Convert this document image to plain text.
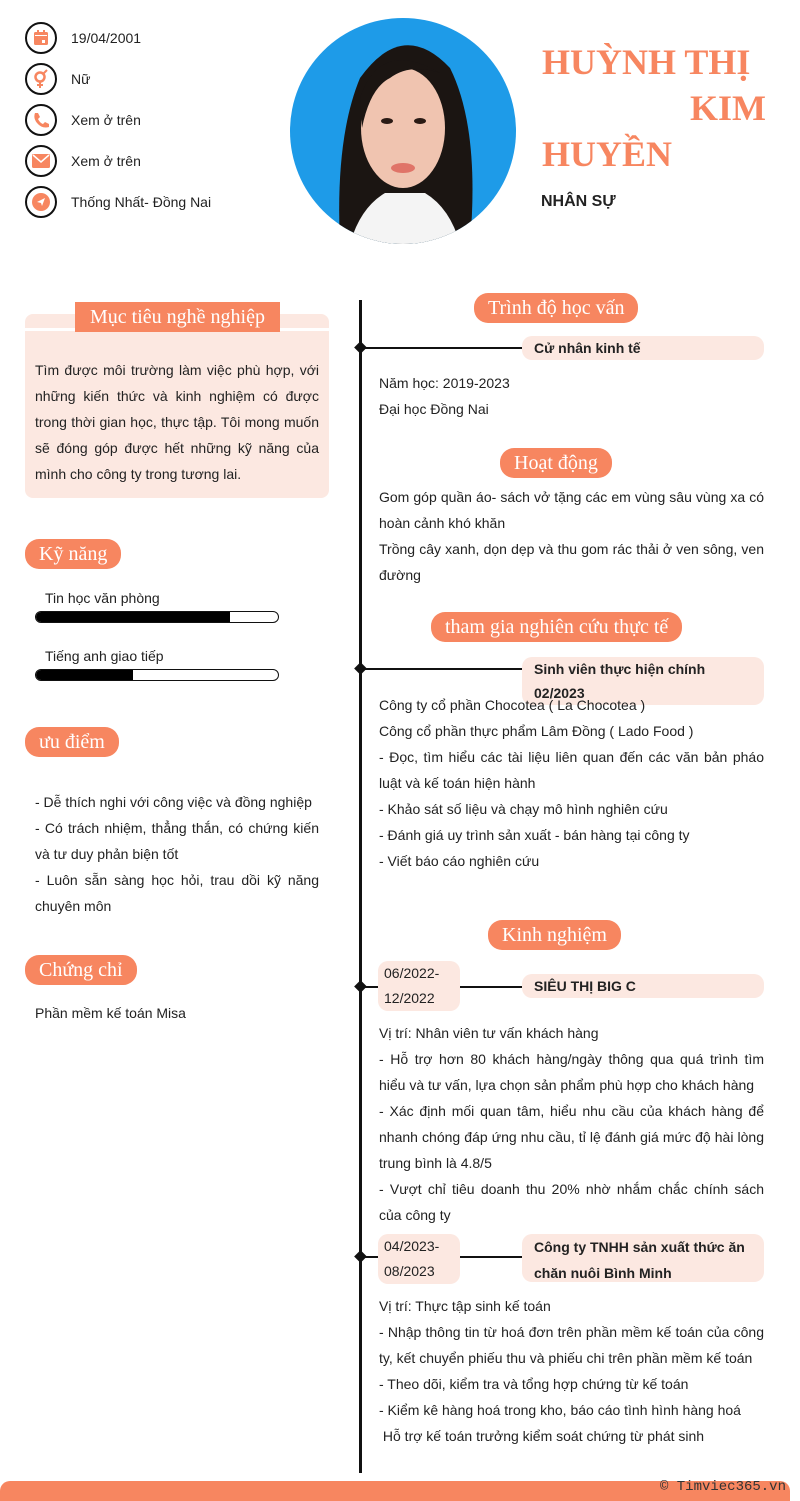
19/04/2001
Nữ
Xem ở trên
Xem ở trên
Thống Nhất- Đồng Nai
HUỲNH THỊ
KIM
HUYỀN
NHÂN SỰ
Mục tiêu nghề nghiệp
Tìm được môi trường làm việc phù hợp, với những kiến thức và kinh nghiệm có được trong thời gian học, thực tập. Tôi mong muốn sẽ đóng góp được hết những kỹ năng của mình cho công ty trong tương lai.
Kỹ năng
Tin học văn phòng
Tiếng anh giao tiếp
ưu điểm
- Dễ thích nghi với công việc và đồng nghiệp
- Có trách nhiệm, thẳng thắn, có chứng kiến và tư duy phản biện tốt
- Luôn sẵn sàng học hỏi, trau dồi kỹ năng chuyên môn
Chứng chỉ
Phần mềm kế toán Misa
Trình độ học vấn
Cử nhân kinh tế
Năm học: 2019-2023
Đại học Đồng Nai
Hoạt động
Gom góp quần áo- sách vở tặng các em vùng sâu vùng xa có hoàn cảnh khó khăn
Trồng cây xanh, dọn dẹp và thu gom rác thải ở ven sông, ven đường
tham gia nghiên cứu thực tế
Sinh viên thực hiện chính 02/2023
Công ty cổ phần Chocotea ( La Chocotea )
Công cổ phần thực phẩm Lâm Đồng ( Lado Food )
- Đọc, tìm hiểu các tài liệu liên quan đến các văn bản pháo luật và kế toán hiện hành
- Khảo sát số liệu và chạy mô hình nghiên cứu
- Đánh giá uy trình sản xuất - bán hàng tại công ty
- Viết báo cáo nghiên cứu
Kinh nghiệm
06/2022- 12/2022
SIÊU THỊ BIG C
Vị trí: Nhân viên tư vấn khách hàng
- Hỗ trợ hơn 80 khách hàng/ngày thông qua quá trình tìm hiểu và tư vấn, lựa chọn sản phẩm phù hợp cho khách hàng
- Xác định mối quan tâm, hiểu nhu cầu của khách hàng để nhanh chóng đáp ứng nhu cầu, tỉ lệ đánh giá mức độ hài lòng trung bình là 4.8/5
- Vượt chỉ tiêu doanh thu 20% nhờ nhắm chắc chính sách của công ty
04/2023- 08/2023
Công ty TNHH sản xuất thức ăn chăn nuôi Bình Minh
Vị trí: Thực tập sinh kế toán
- Nhập thông tin từ hoá đơn trên phần mềm kế toán của công ty, kết chuyển phiếu thu và phiếu chi trên phần mềm kế toán
- Theo dõi, kiểm tra và tổng hợp chứng từ kế toán
- Kiểm kê hàng hoá trong kho, báo cáo tình hình hàng hoá
Hỗ trợ kế toán trưởng kiểm soát chứng từ phát sinh
© Timviec365.vn
